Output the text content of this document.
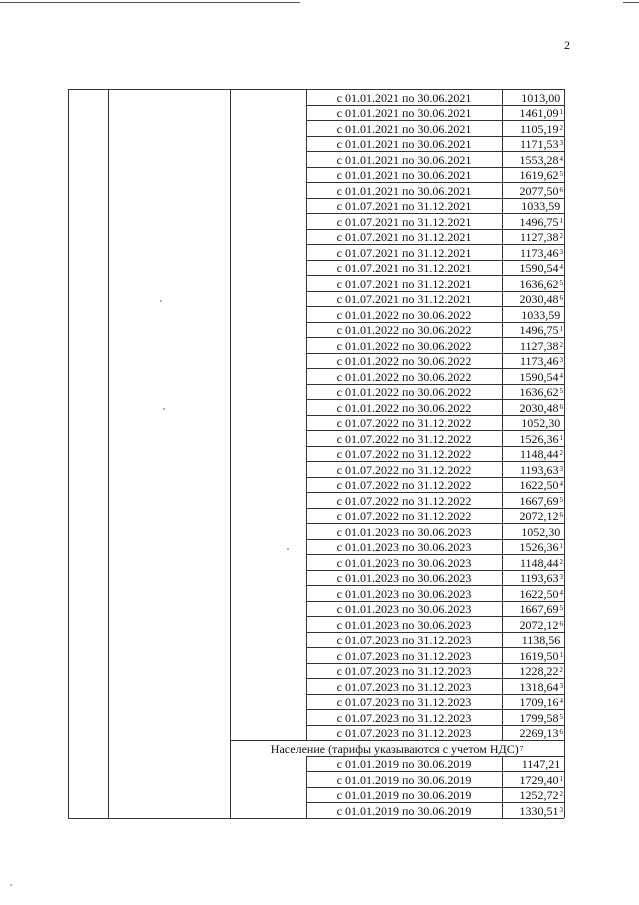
2
с 01.01.2021 по 30.06.2021	1013,00
с 01.01.2021 по 30.06.2021	1461,09$^1$
с 01.01.2021 по 30.06.2021	1105,19$^2$
с 01.01.2021 по 30.06.2021	1171,53$^3$
с 01.01.2021 по 30.06.2021	1553,28$^4$
с 01.01.2021 по 30.06.2021	1619,62$^5$
с 01.01.2021 по 30.06.2021	2077,50$^6$
с 01.07.2021 по 31.12.2021	1033,59
с 01.07.2021 по 31.12.2021	1496,75$^1$
с 01.07.2021 по 31.12.2021	1127,38$^2$
с 01.07.2021 по 31.12.2021	1173,46$^3$
с 01.07.2021 по 31.12.2021	1590,54$^4$
с 01.07.2021 по 31.12.2021	1636,62$^5$
с 01.07.2021 по 31.12.2021	2030,48$^6$
с 01.01.2022 по 30.06.2022	1033,59
с 01.01.2022 по 30.06.2022	1496,75$^1$
с 01.01.2022 по 30.06.2022	1127,38$^2$
с 01.01.2022 по 30.06.2022	1173,46$^3$
с 01.01.2022 по 30.06.2022	1590,54$^4$
с 01.01.2022 по 30.06.2022	1636,62$^5$
с 01.01.2022 по 30.06.2022	2030,48$^6$
с 01.07.2022 по 31.12.2022	1052,30
с 01.07.2022 по 31.12.2022	1526,36$^1$
с 01.07.2022 по 31.12.2022	1148,44$^2$
с 01.07.2022 по 31.12.2022	1193,63$^3$
с 01.07.2022 по 31.12.2022	1622,50$^4$
с 01.07.2022 по 31.12.2022	1667,69$^5$
с 01.07.2022 по 31.12.2022	2072,12$^6$
с 01.01.2023 по 30.06.2023	1052,30
с 01.01.2023 по 30.06.2023	1526,36$^1$
с 01.01.2023 по 30.06.2023	1148,44$^2$
с 01.01.2023 по 30.06.2023	1193,63$^3$
с 01.01.2023 по 30.06.2023	1622,50$^4$
с 01.01.2023 по 30.06.2023	1667,69$^5$
с 01.01.2023 по 30.06.2023	2072,12$^6$
с 01.07.2023 по 31.12.2023	1138,56
с 01.07.2023 по 31.12.2023	1619,50$^1$
с 01.07.2023 по 31.12.2023	1228,22$^2$
с 01.07.2023 по 31.12.2023	1318,64$^3$
с 01.07.2023 по 31.12.2023	1709,16$^4$
с 01.07.2023 по 31.12.2023	1799,58$^5$
с 01.07.2023 по 31.12.2023	2269,13$^6$
Население (тарифы указываются с учетом НДС)$^7$
с 01.01.2019 по 30.06.2019	1147,21
с 01.01.2019 по 30.06.2019	1729,40$^1$
с 01.01.2019 по 30.06.2019	1252,72$^2$
с 01.01.2019 по 30.06.2019	1330,51$^3$
